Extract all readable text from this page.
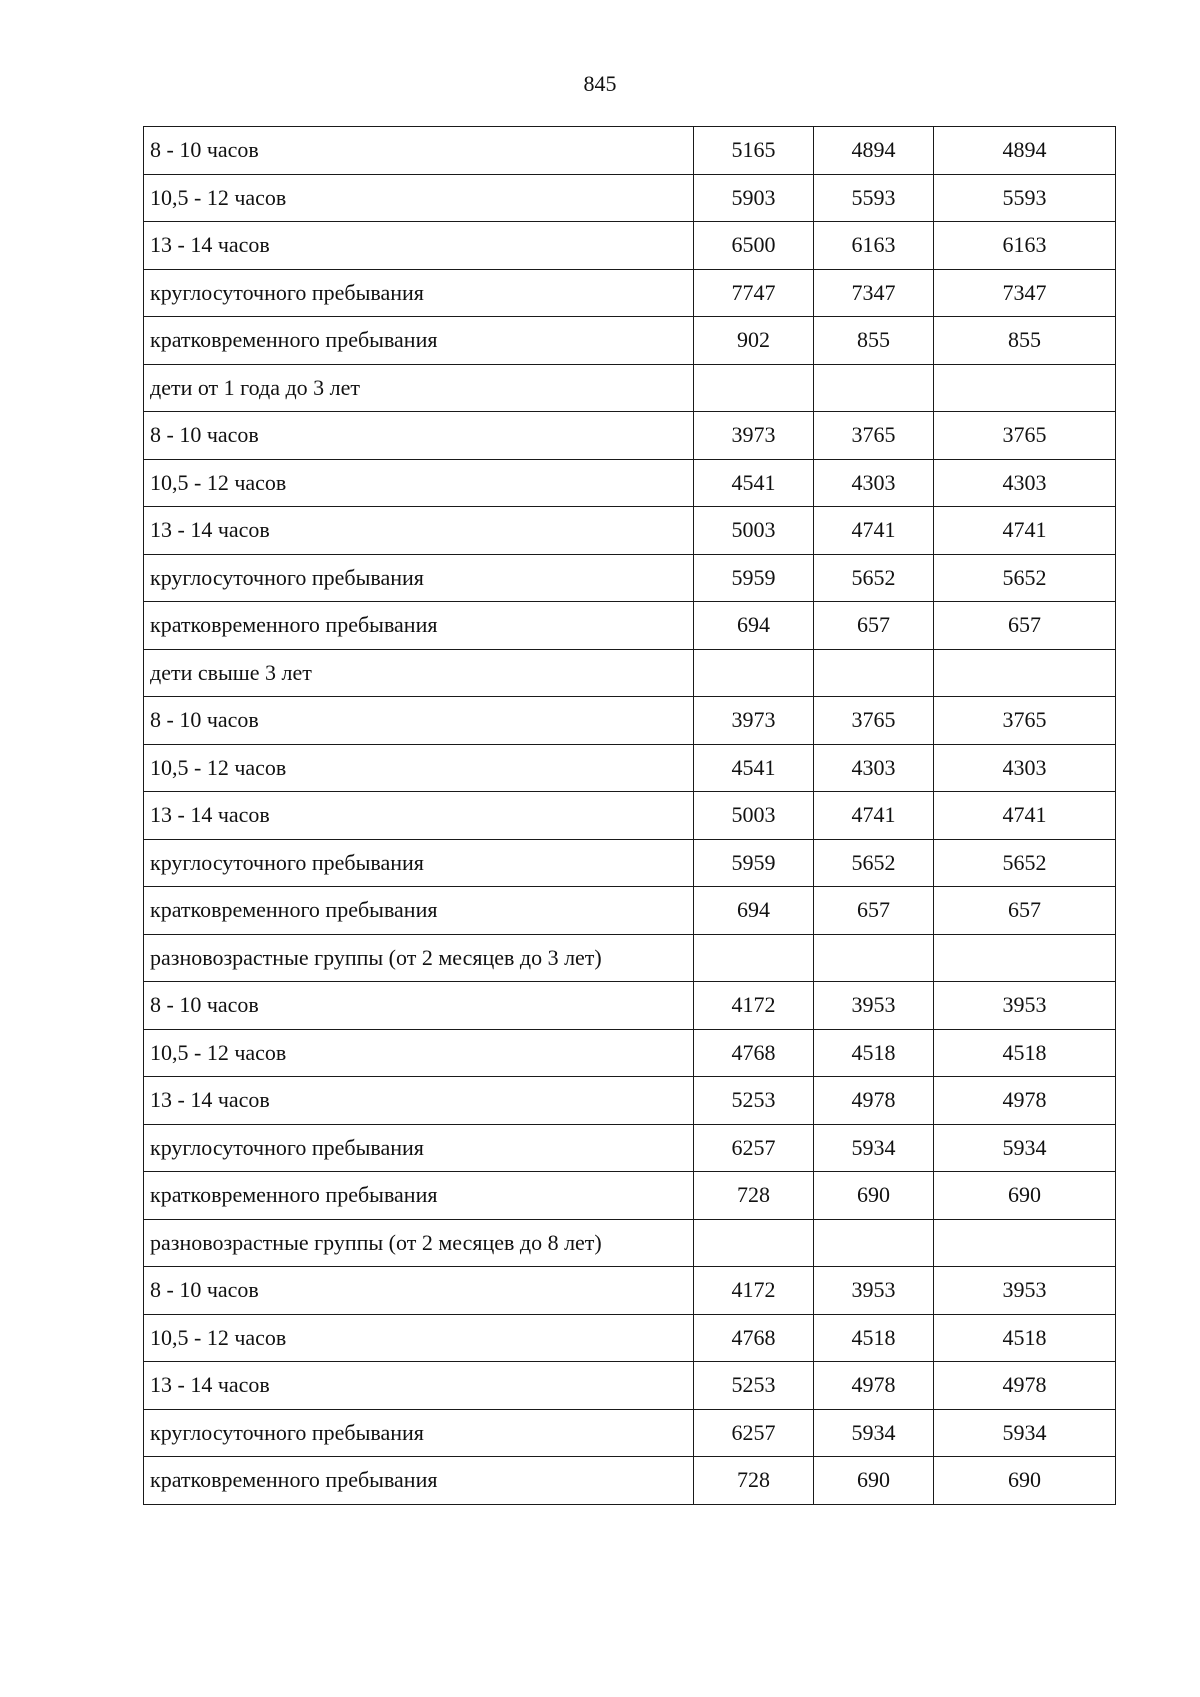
845
8 - 10 часов	5165	4894	4894
10,5 - 12 часов	5903	5593	5593
13 - 14 часов	6500	6163	6163
круглосуточного пребывания	7747	7347	7347
кратковременного пребывания	902	855	855
дети от 1 года до 3 лет			
8 - 10 часов	3973	3765	3765
10,5 - 12 часов	4541	4303	4303
13 - 14 часов	5003	4741	4741
круглосуточного пребывания	5959	5652	5652
кратковременного пребывания	694	657	657
дети свыше 3 лет			
8 - 10 часов	3973	3765	3765
10,5 - 12 часов	4541	4303	4303
13 - 14 часов	5003	4741	4741
круглосуточного пребывания	5959	5652	5652
кратковременного пребывания	694	657	657
разновозрастные группы (от 2 месяцев до 3 лет)			
8 - 10 часов	4172	3953	3953
10,5 - 12 часов	4768	4518	4518
13 - 14 часов	5253	4978	4978
круглосуточного пребывания	6257	5934	5934
кратковременного пребывания	728	690	690
разновозрастные группы (от 2 месяцев до 8 лет)			
8 - 10 часов	4172	3953	3953
10,5 - 12 часов	4768	4518	4518
13 - 14 часов	5253	4978	4978
круглосуточного пребывания	6257	5934	5934
кратковременного пребывания	728	690	690
